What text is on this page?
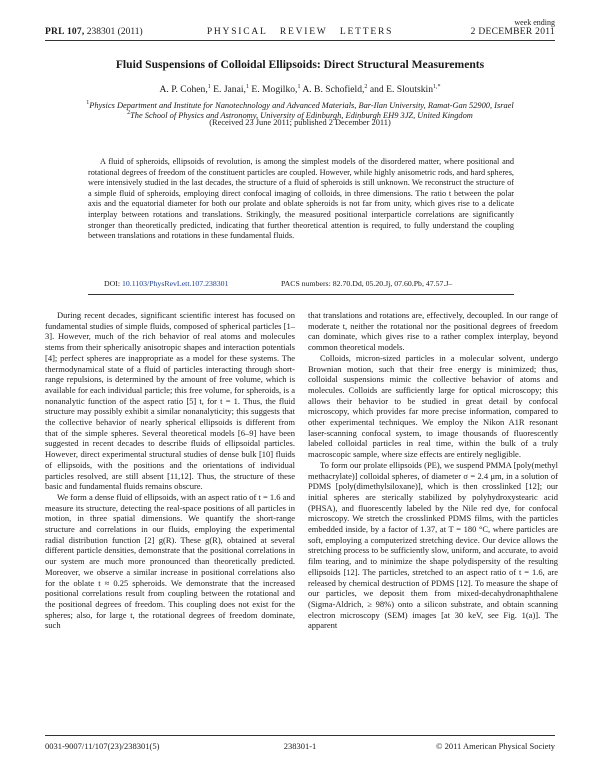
PRL 107, 238301 (2011)	PHYSICAL   REVIEW   LETTERS
week ending
2 DECEMBER 2011
Fluid Suspensions of Colloidal Ellipsoids: Direct Structural Measurements
A. P. Cohen,$^1$ E. Janai,$^1$ E. Mogilko,$^1$ A. B. Schofield,$^2$ and E. Sloutskin$^{1,*}$
$^1$Physics Department and Institute for Nanotechnology and Advanced Materials, Bar-Ilan University, Ramat-Gan 52900, Israel
$^2$The School of Physics and Astronomy, University of Edinburgh, Edinburgh EH9 3JZ, United Kingdom
(Received 23 June 2011; published 2 December 2011)
A fluid of spheroids, ellipsoids of revolution, is among the simplest models of the disordered matter, where positional and rotational degrees of freedom of the constituent particles are coupled. However, while highly anisometric rods, and hard spheres, were intensively studied in the last decades, the structure of a fluid of spheroids is still unknown. We reconstruct the structure of a simple fluid of spheroids, employing direct confocal imaging of colloids, in three dimensions. The ratio t between the polar axis and the equatorial diameter for both our prolate and oblate spheroids is not far from unity, which gives rise to a delicate interplay between rotations and translations. Strikingly, the measured positional interparticle correlations are significantly stronger than theoretically predicted, indicating that further theoretical attention is required, to fully understand the coupling between translations and rotations in these fundamental fluids.
DOI: 10.1103/PhysRevLett.107.238301	PACS numbers: 82.70.Dd, 05.20.Jj, 07.60.Pb, 47.57.J–

During recent decades, significant scientific interest has focused on fundamental studies of simple fluids, composed of spherical particles [1–3]. However, much of the rich behavior of real atoms and molecules stems from their spherically anisotropic shapes and interaction potentials [4]; perfect spheres are inappropriate as a model for these systems. The thermodynamical state of a fluid of particles interacting through short-range repulsions, is determined by the amount of free volume, which is available for each individual particle; this free volume, for spheroids, is a nonanalytic function of the aspect ratio [5] t, for t = 1. Thus, the fluid structure may possibly exhibit a similar nonanalyticity; this suggests that the collective behavior of nearly spherical ellipsoids is different from that of the simple spheres. Several theoretical models [6–9] have been suggested in recent decades to describe fluids of ellipsoidal particles. However, direct experimental structural studies of dense bulk [10] fluids of ellipsoids, with the positions and the orientations of individual particles resolved, are still absent [11,12]. Thus, the structure of these basic and fundamental fluids remains obscure.

We form a dense fluid of ellipsoids, with an aspect ratio of t = 1.6 and measure its structure, detecting the real-space positions of all particles in motion, in three spatial dimensions. We quantify the short-range structure and correlations in our fluids, employing the experimental radial distribution function [2] g(R). These g(R), obtained at several different particle densities, demonstrate that the positional correlations in our system are much more pronounced than theoretically predicted. Moreover, we observe a similar increase in positional correlations also for the oblate t ≈ 0.25 spheroids. We demonstrate that the increased positional correlations result from coupling between the rotational and the positional degrees of freedom. This coupling does not exist for the spheres; also, for large t, the rotational degrees of freedom dominate, such

that translations and rotations are, effectively, decoupled. In our range of moderate t, neither the rotational nor the positional degrees of freedom can dominate, which gives rise to a rather complex interplay, beyond common theoretical models.

Colloids, micron-sized particles in a molecular solvent, undergo Brownian motion, such that their free energy is minimized; thus, colloidal suspensions mimic the collective behavior of atoms and molecules. Colloids are sufficiently large for optical microscopy; this allows their behavior to be studied in great detail by confocal microscopy, which provides far more precise information, compared to other experimental techniques. We employ the Nikon A1R resonant laser-scanning confocal system, to image thousands of fluorescently labeled colloidal particles in real time, within the bulk of a truly macroscopic sample, where size effects are entirely negligible.

To form our prolate ellipsoids (PE), we suspend PMMA [poly(methyl methacrylate)] colloidal spheres, of diameter σ = 2.4 μm, in a solution of PDMS [poly(dimethylsiloxane)], which is then crosslinked [12]; our initial spheres are sterically stabilized by polyhydroxystearic acid (PHSA), and fluorescently labeled by the Nile red dye, for confocal microscopy. We stretch the crosslinked PDMS films, with the particles embedded inside, by a factor of 1.37, at T = 180 °C, where particles are soft, employing a computerized stretching device. Our device allows the stretching process to be sufficiently slow, uniform, and accurate, to avoid film tearing, and to minimize the shape polydispersity of the resulting ellipsoids [12]. The particles, stretched to an aspect ratio of t = 1.6, are released by chemical destruction of PDMS [12]. To measure the shape of our particles, we deposit them from mixed-decahydronaphthalene (Sigma-Aldrich, ≥ 98%) onto a silicon substrate, and obtain scanning electron microscopy (SEM) images [at 30 keV, see Fig. 1(a)]. The apparent

0031-9007/11/107(23)/238301(5)	238301-1	© 2011 American Physical Society
